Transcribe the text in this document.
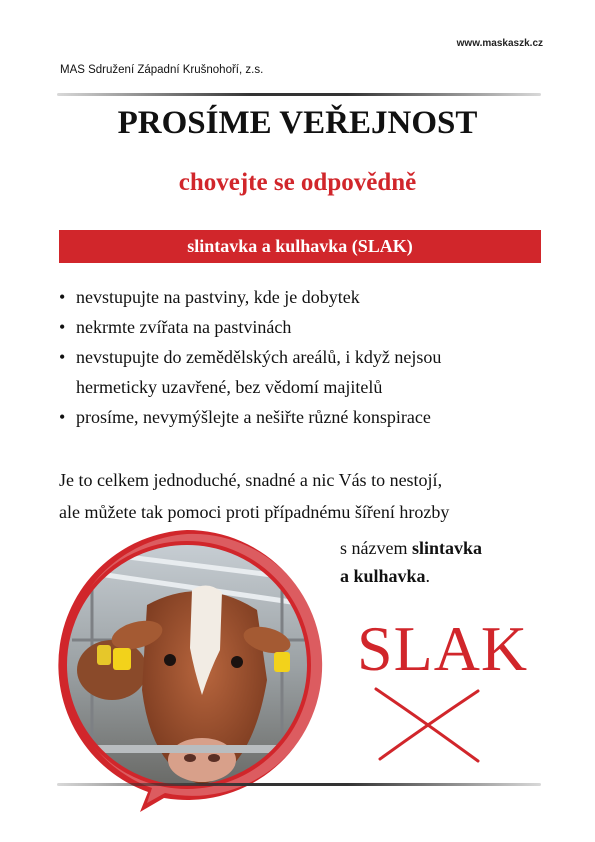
www.maskaszk.cz
MAS Sdružení Západní Krušnohoří, z.s.
PROSÍME VEŘEJNOST
chovejte se odpovědně
slintavka a kulhavka (SLAK)
• nevstupujte na pastviny, kde je dobytek
• nekrmte zvířata na pastvinách
• nevstupujte do zemědělských areálů, i když nejsou
hermeticky uzavřené, bez vědomí majitelů
• prosíme, nevymýšlejte a nešiřte různé konspirace
Je to celkem jednoduché, snadné a nic Vás to nestojí,
ale můžete tak pomoci proti případnému šíření hrozby
s názvem slintavka
a kulhavka.
SLAK
